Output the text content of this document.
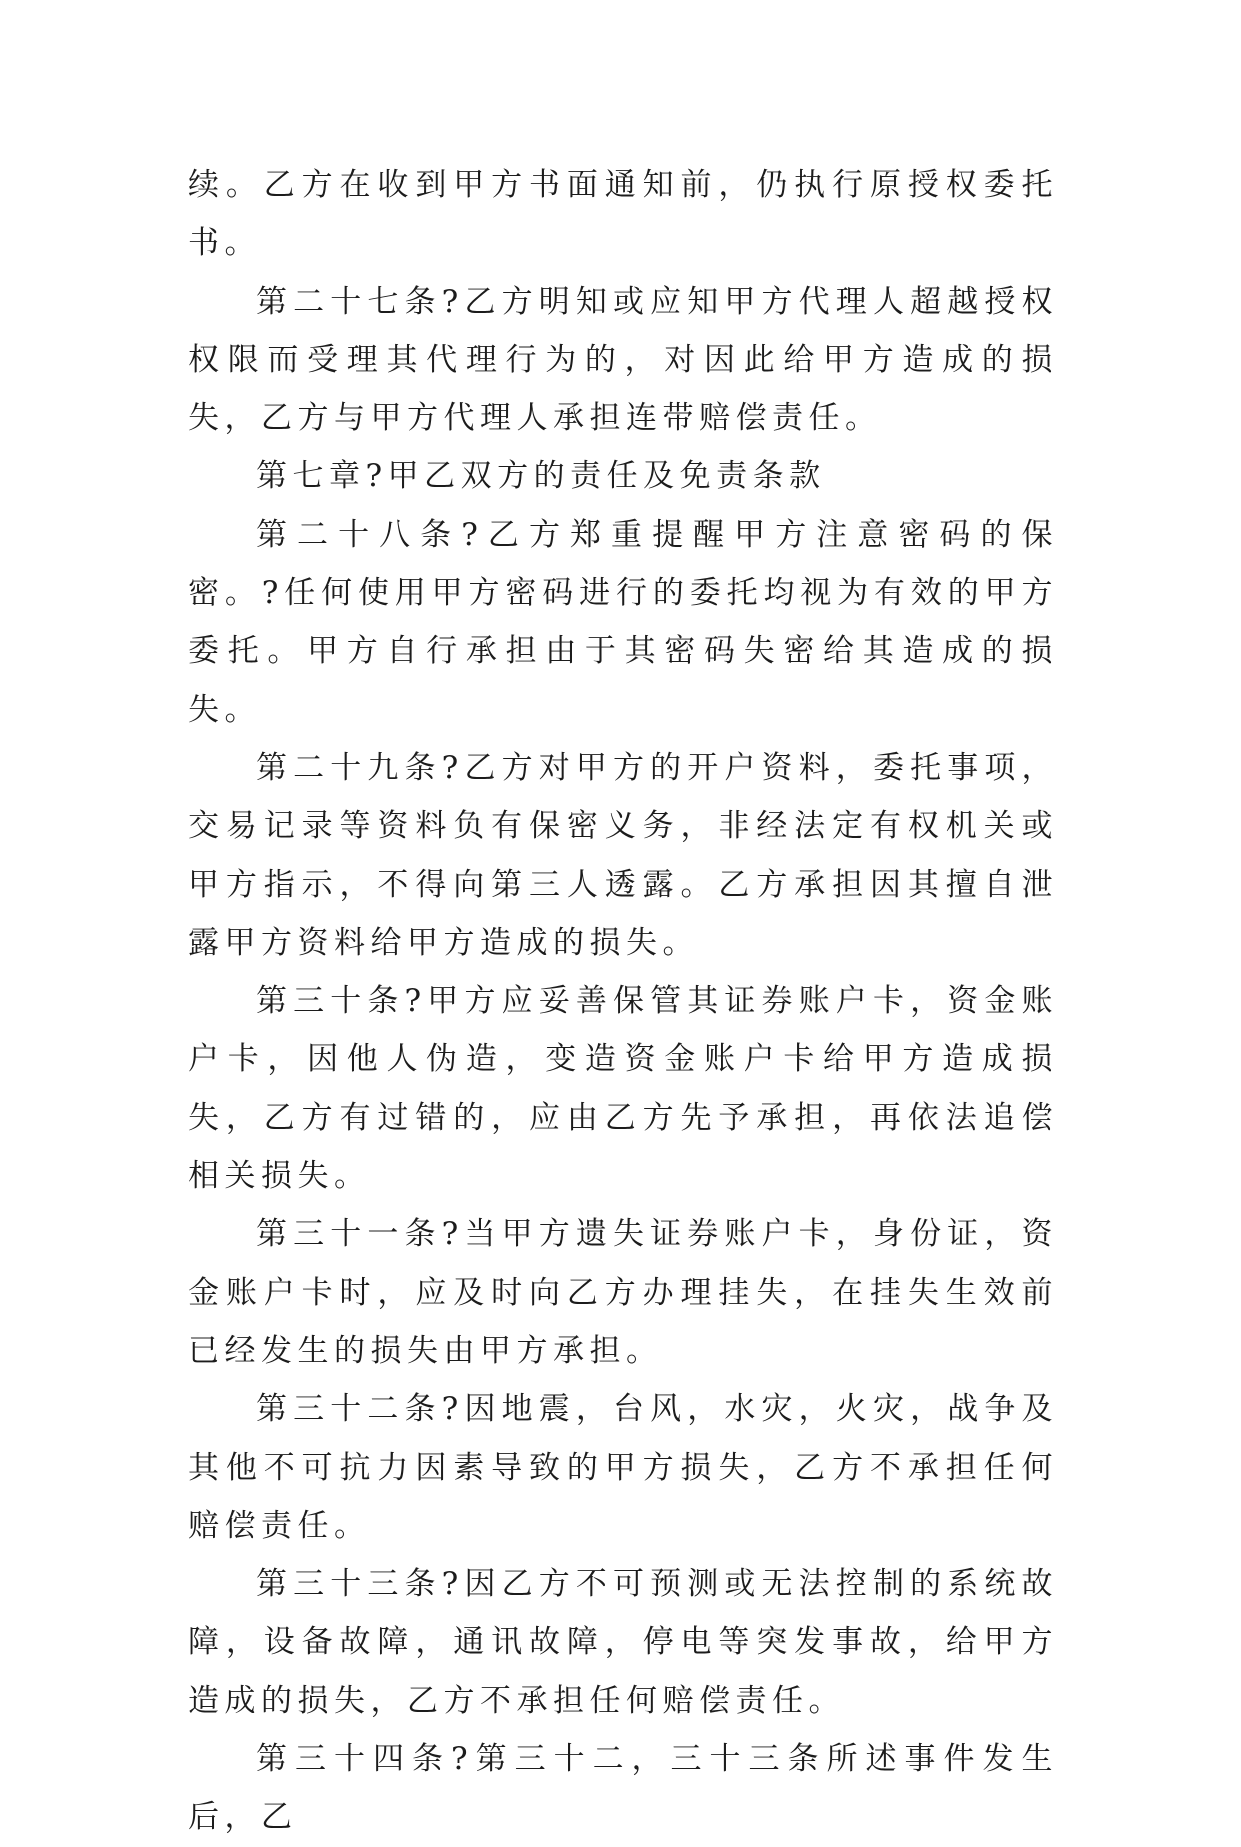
续。乙方在收到甲方书面通知前，仍执行原授权委托书。

第二十七条?乙方明知或应知甲方代理人超越授权权限而受理其代理行为的，对因此给甲方造成的损失，乙方与甲方代理人承担连带赔偿责任。

第七章?甲乙双方的责任及免责条款

第二十八条?乙方郑重提醒甲方注意密码的保密。?任何使用甲方密码进行的委托均视为有效的甲方委托。甲方自行承担由于其密码失密给其造成的损失。

第二十九条?乙方对甲方的开户资料，委托事项，交易记录等资料负有保密义务，非经法定有权机关或甲方指示，不得向第三人透露。乙方承担因其擅自泄露甲方资料给甲方造成的损失。

第三十条?甲方应妥善保管其证券账户卡，资金账户卡，因他人伪造，变造资金账户卡给甲方造成损失，乙方有过错的，应由乙方先予承担，再依法追偿相关损失。

第三十一条?当甲方遗失证券账户卡，身份证，资金账户卡时，应及时向乙方办理挂失，在挂失生效前已经发生的损失由甲方承担。

第三十二条?因地震，台风，水灾，火灾，战争及其他不可抗力因素导致的甲方损失，乙方不承担任何赔偿责任。

第三十三条?因乙方不可预测或无法控制的系统故障，设备故障，通讯故障，停电等突发事故，给甲方造成的损失，乙方不承担任何赔偿责任。

第三十四条?第三十二，三十三条所述事件发生后，乙
